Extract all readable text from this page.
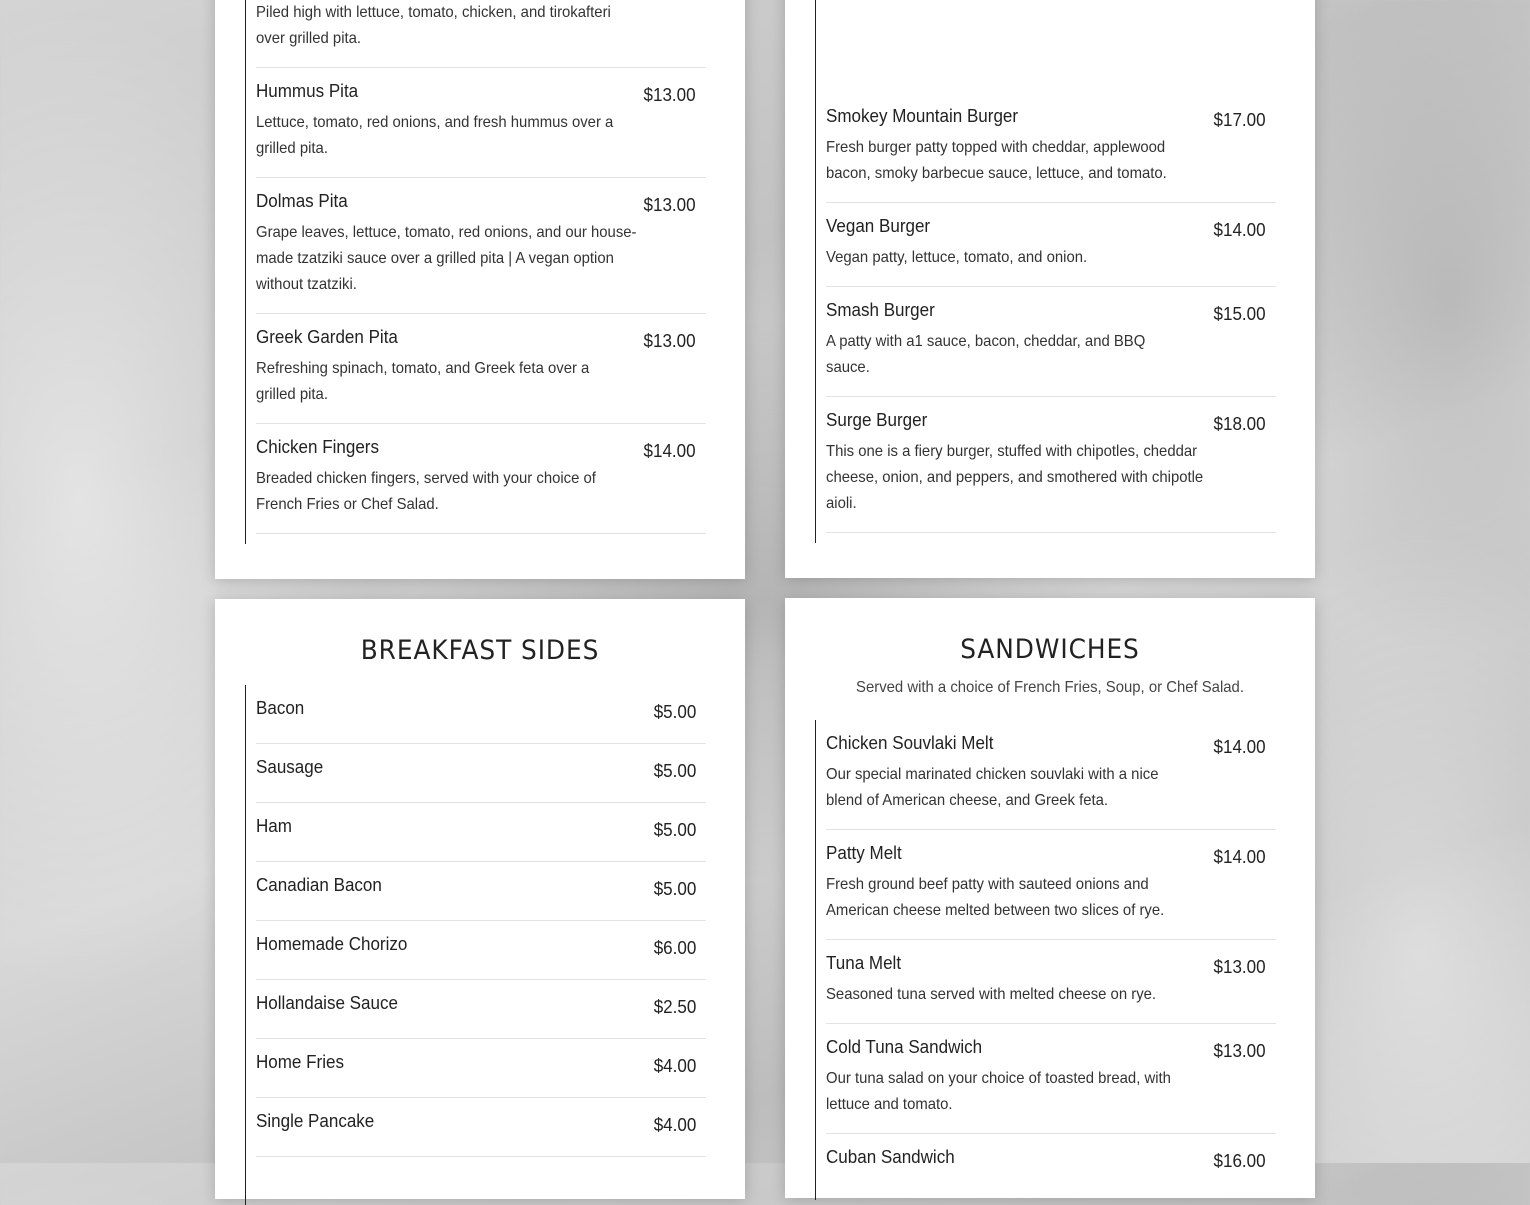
Piled high with lettuce, tomato, chicken, and tirokafteri over grilled pita.
Hummus Pita	$13.00
Lettuce, tomato, red onions, and fresh hummus over a grilled pita.
Dolmas Pita	$13.00
Grape leaves, lettuce, tomato, red onions, and our house-made tzatziki sauce over a grilled pita | A vegan option without tzatziki.
Greek Garden Pita	$13.00
Refreshing spinach, tomato, and Greek feta over a grilled pita.
Chicken Fingers	$14.00
Breaded chicken fingers, served with your choice of French Fries or Chef Salad.
Smokey Mountain Burger	$17.00
Fresh burger patty topped with cheddar, applewood bacon, smoky barbecue sauce, lettuce, and tomato.
Vegan Burger	$14.00
Vegan patty, lettuce, tomato, and onion.
Smash Burger	$15.00
A patty with a1 sauce, bacon, cheddar, and BBQ sauce.
Surge Burger	$18.00
This one is a fiery burger, stuffed with chipotles, cheddar cheese, onion, and peppers, and smothered with chipotle aioli.
BREAKFAST SIDES
Bacon	$5.00
Sausage	$5.00
Ham	$5.00
Canadian Bacon	$5.00
Homemade Chorizo	$6.00
Hollandaise Sauce	$2.50
Home Fries	$4.00
Single Pancake	$4.00
SANDWICHES
Served with a choice of French Fries, Soup, or Chef Salad.
Chicken Souvlaki Melt	$14.00
Our special marinated chicken souvlaki with a nice blend of American cheese, and Greek feta.
Patty Melt	$14.00
Fresh ground beef patty with sauteed onions and American cheese melted between two slices of rye.
Tuna Melt	$13.00
Seasoned tuna served with melted cheese on rye.
Cold Tuna Sandwich	$13.00
Our tuna salad on your choice of toasted bread, with lettuce and tomato.
Cuban Sandwich	$16.00
